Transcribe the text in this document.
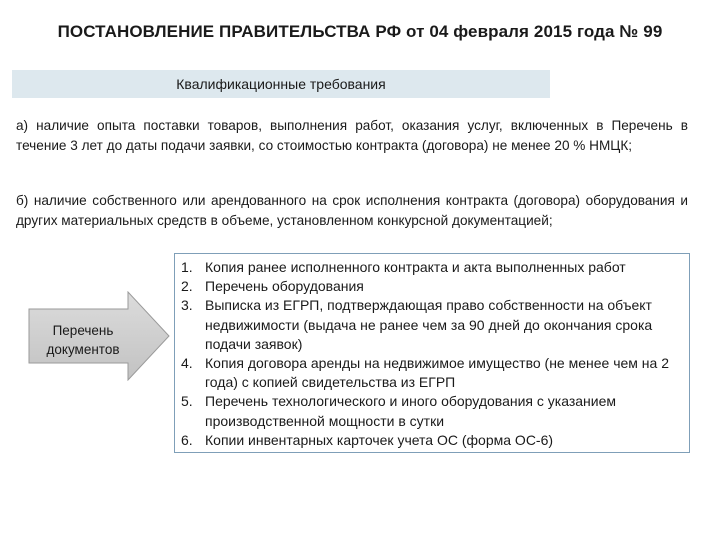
ПОСТАНОВЛЕНИЕ ПРАВИТЕЛЬСТВА РФ от 04 февраля 2015 года № 99
Квалификационные требования
а) наличие опыта поставки товаров, выполнения работ, оказания услуг, включенных в Перечень в течение 3 лет до даты подачи заявки, со стоимостью контракта (договора) не менее 20 % НМЦК;
б) наличие собственного или арендованного на срок исполнения контракта (договора) оборудования и других материальных средств в объеме, установленном конкурсной документацией;
Перечень документов
1. Копия ранее исполненного контракта и акта выполненных работ
2. Перечень оборудования
3. Выписка из ЕГРП, подтверждающая право собственности на объект недвижимости (выдача не ранее чем за 90 дней до окончания срока подачи заявок)
4. Копия договора аренды на недвижимое имущество (не менее чем на 2 года) с копией свидетельства из ЕГРП
5. Перечень технологического и иного оборудования с указанием производственной мощности в сутки
6. Копии инвентарных карточек учета ОС (форма ОС-6)
